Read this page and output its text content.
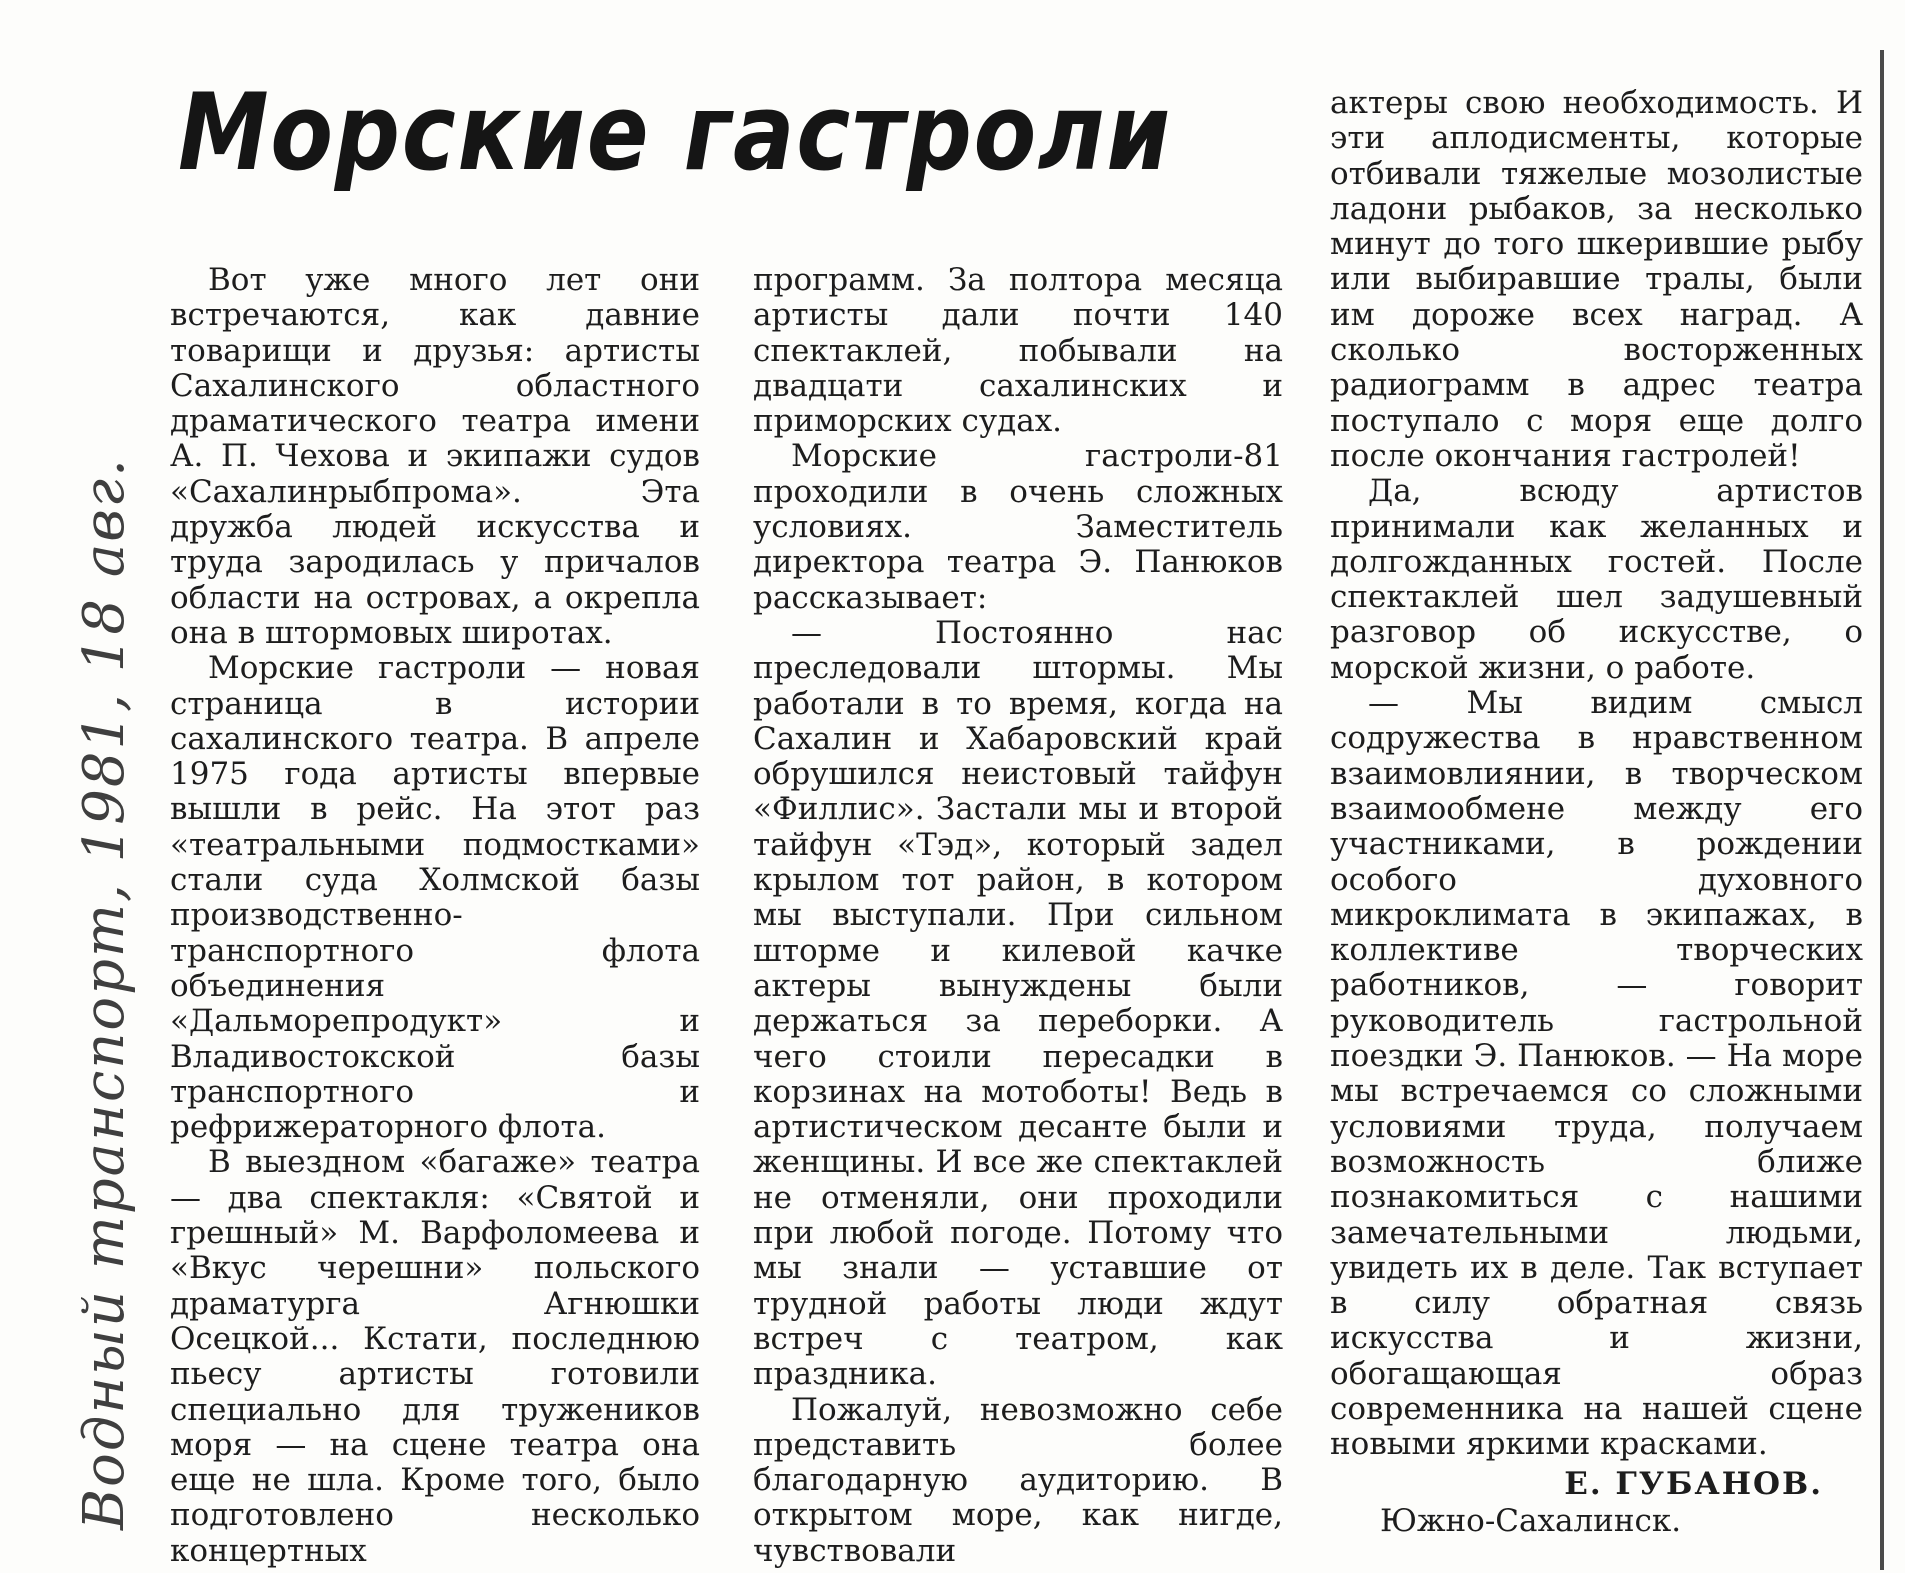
Морские гастроли
Водный транспорт, 1981, 18 авг.

Вот уже много лет они встречаются, как давние товарищи и друзья: артисты Сахалинского областного драматического театра имени А. П. Чехова и экипажи судов «Сахалинрыбпрома». Эта дружба людей искусства и труда зародилась у причалов области на островах, а окрепла она в штормовых широтах.

Морские гастроли — новая страница в истории сахалинского театра. В апреле 1975 года артисты впервые вышли в рейс. На этот раз «театральными подмостками» стали суда Холмской базы производственно-транспортного флота объединения «Дальморепродукт» и Владивостокской базы транспортного и рефрижераторного флота.

В выездном «багаже» театра — два спектакля: «Святой и грешный» М. Варфоломеева и «Вкус черешни» польского драматурга Агнюшки Осецкой... Кстати, последнюю пьесу артисты готовили специально для тружеников моря — на сцене театра она еще не шла. Кроме того, было подготовлено несколько концертных

программ. За полтора месяца артисты дали почти 140 спектаклей, побывали на двадцати сахалинских и приморских судах.

Морские гастроли-81 проходили в очень сложных условиях. Заместитель директора театра Э. Панюков рассказывает:

— Постоянно нас преследовали штормы. Мы работали в то время, когда на Сахалин и Хабаровский край обрушился неистовый тайфун «Филлис». Застали мы и второй тайфун «Тэд», который задел крылом тот район, в котором мы выступали. При сильном шторме и килевой качке актеры вынуждены были держаться за переборки. А чего стоили пересадки в корзинах на мотоботы! Ведь в артистическом десанте были и женщины. И все же спектаклей не отменяли, они проходили при любой погоде. Потому что мы знали — уставшие от трудной работы люди ждут встреч с театром, как праздника.

Пожалуй, невозможно себе представить более благодарную аудиторию. В открытом море, как нигде, чувствовали

актеры свою необходимость. И эти аплодисменты, которые отбивали тяжелые мозолистые ладони рыбаков, за несколько минут до того шкерившие рыбу или выбиравшие тралы, были им дороже всех наград. А сколько восторженных радиограмм в адрес театра поступало с моря еще долго после окончания гастролей!

Да, всюду артистов принимали как желанных и долгожданных гостей. После спектаклей шел задушевный разговор об искусстве, о морской жизни, о работе.

— Мы видим смысл содружества в нравственном взаимовлиянии, в творческом взаимообмене между его участниками, в рождении особого духовного микроклимата в экипажах, в коллективе творческих работников, — говорит руководитель гастрольной поездки Э. Панюков. — На море мы встречаемся со сложными условиями труда, получаем возможность ближе познакомиться с нашими замечательными людьми, увидеть их в деле. Так вступает в силу обратная связь искусства и жизни, обогащающая образ современника на нашей сцене новыми яркими красками.

Е. ГУБАНОВ.

Южно-Сахалинск.
